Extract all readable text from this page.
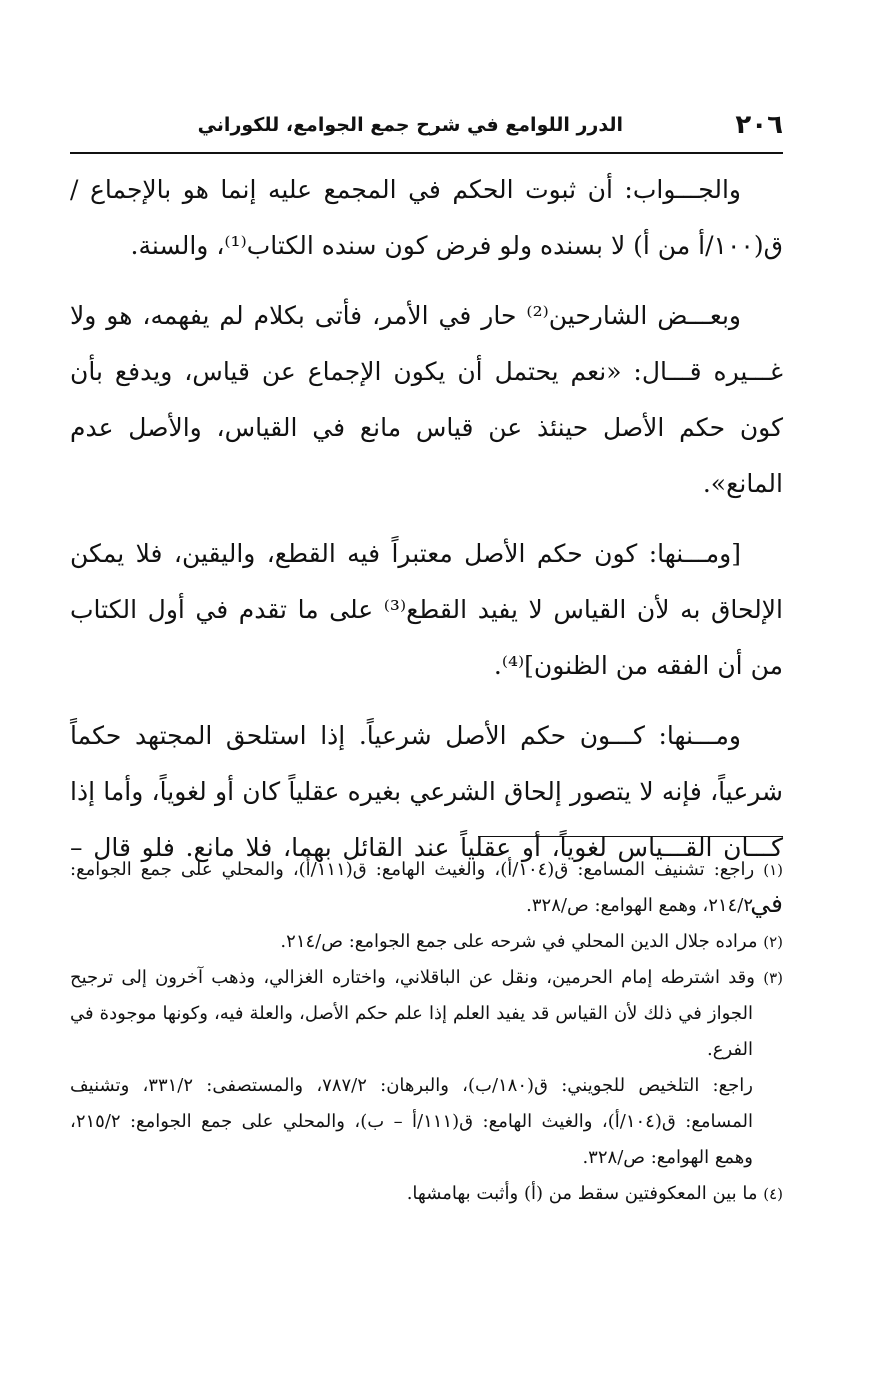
٢٠٦
الدرر اللوامع في شرح جمع الجوامع، للكوراني

والجـــواب: أن ثبوت الحكم في المجمع عليه إنما هو بالإجماع / ق(١٠٠/أ من أ) لا بسنده ولو فرض كون سنده الكتاب⁽¹⁾، والسنة.

وبعـــض الشارحين⁽²⁾ حار في الأمر، فأتى بكلام لم يفهمه، هو ولا غـــيره قـــال: «نعم يحتمل أن يكون الإجماع عن قياس، ويدفع بأن كون حكم الأصل حينئذ عن قياس مانع في القياس، والأصل عدم المانع».

[ومـــنها: كون حكم الأصل معتبراً فيه القطع، واليقين، فلا يمكن الإلحاق به لأن القياس لا يفيد القطع⁽³⁾ على ما تقدم في أول الكتاب من أن الفقه من الظنون]⁽⁴⁾.

ومـــنها: كـــون حكم الأصل شرعياً. إذا استلحق المجتهد حكماً شرعياً، فإنه لا يتصور إلحاق الشرعي بغيره عقلياً كان أو لغوياً، وأما إذا كـــان القـــياس لغوياً، أو عقلياً عند القائل بهما، فلا مانع. فلو قال – في

(١) راجع: تشنيف المسامع: ق(١٠٤/أ)، والغيث الهامع: ق(١١١/أ)، والمحلي على جمع الجوامع: ٢١٤/٢، وهمع الهوامع: ص/٣٢٨.

(٢) مراده جلال الدين المحلي في شرحه على جمع الجوامع: ص/٢١٤.

(٣) وقد اشترطه إمام الحرمين، ونقل عن الباقلاني، واختاره الغزالي، وذهب آخرون إلى ترجيح الجواز في ذلك لأن القياس قد يفيد العلم إذا علم حكم الأصل، والعلة فيه، وكونها موجودة في الفرع.

راجع: التلخيص للجويني: ق(١٨٠/ب)، والبرهان: ٧٨٧/٢، والمستصفى: ٣٣١/٢، وتشنيف المسامع: ق(١٠٤/أ)، والغيث الهامع: ق(١١١/أ – ب)، والمحلي على جمع الجوامع: ٢١٥/٢، وهمع الهوامع: ص/٣٢٨.

(٤) ما بين المعكوفتين سقط من (أ) وأثبت بهامشها.
